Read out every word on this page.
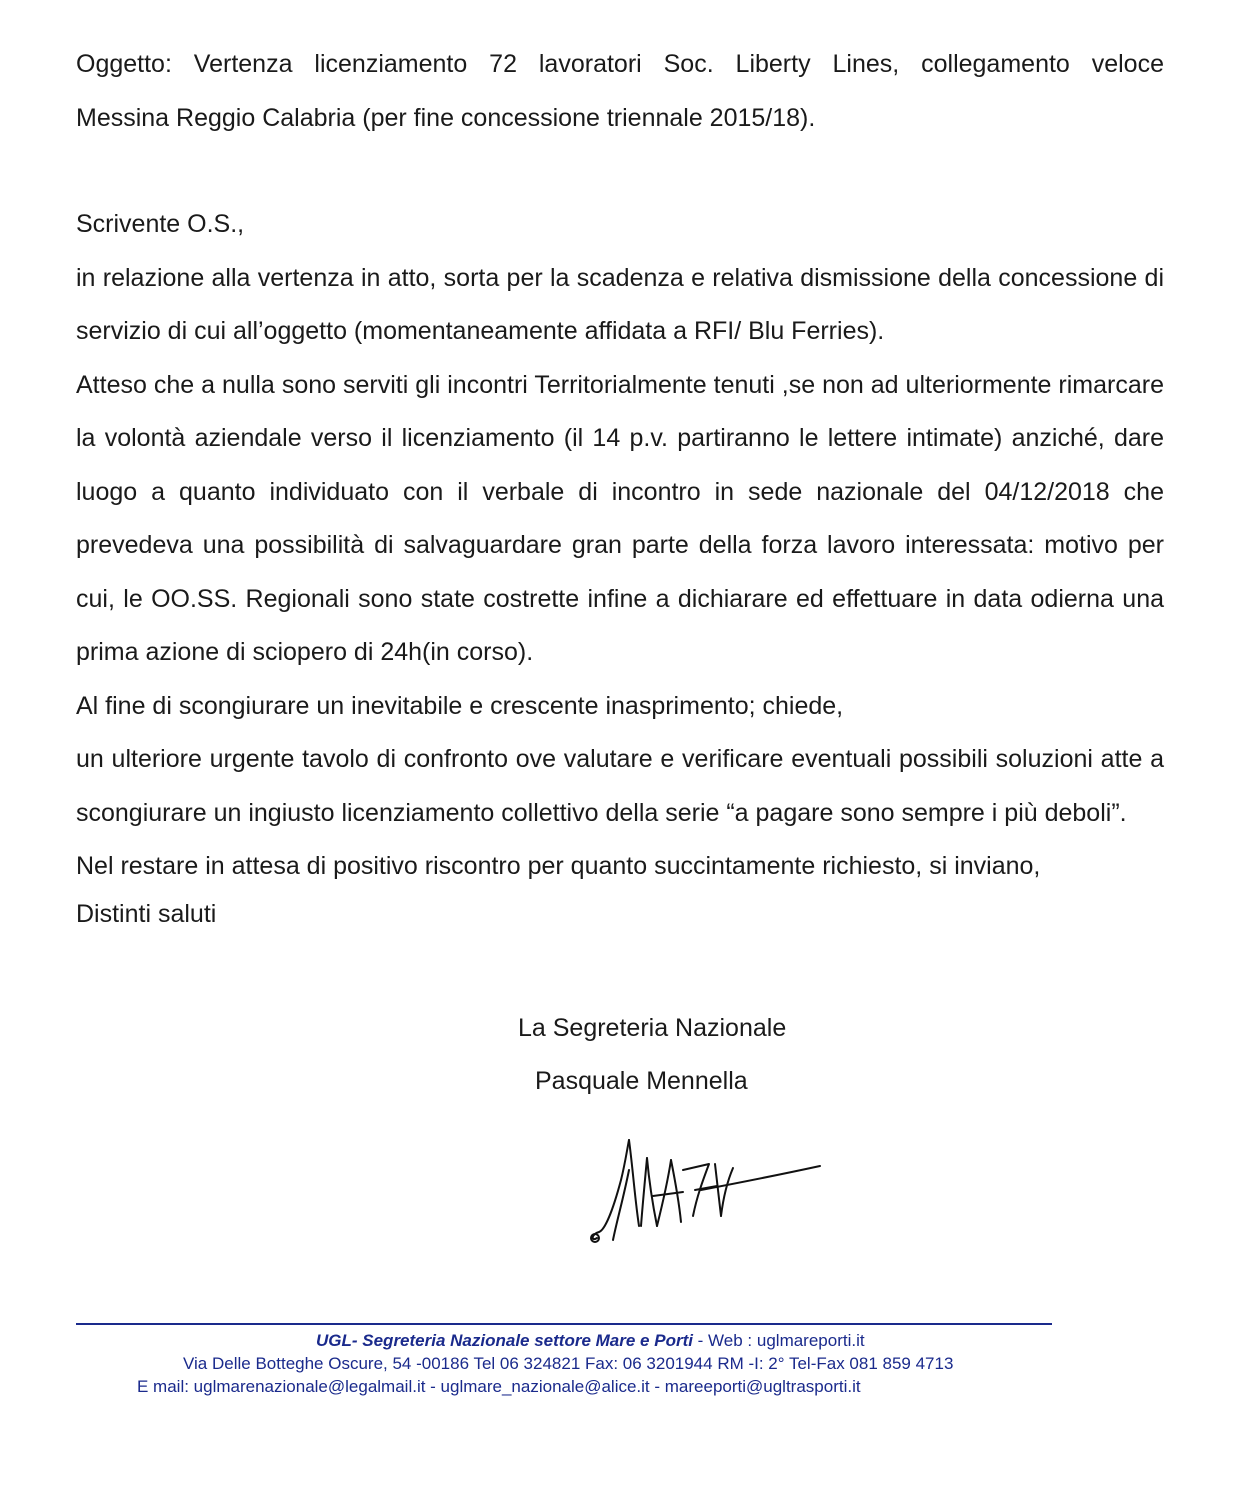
Oggetto: Vertenza licenziamento 72 lavoratori Soc. Liberty Lines, collegamento veloce

Messina Reggio Calabria (per fine concessione triennale 2015/18).

Scrivente O.S.,

in relazione alla vertenza in atto, sorta per la scadenza e relativa dismissione della concessione di servizio di cui all’oggetto (momentaneamente affidata a RFI/ Blu Ferries).

Atteso che a nulla sono serviti gli incontri Territorialmente tenuti ,se non ad ulteriormente rimarcare la volontà aziendale verso il licenziamento (il 14 p.v. partiranno le lettere intimate) anziché, dare luogo a quanto individuato con il verbale di incontro in sede nazionale del 04/12/2018 che prevedeva una possibilità di salvaguardare gran parte della forza lavoro interessata: motivo per cui, le OO.SS. Regionali sono state costrette infine a dichiarare ed effettuare in data odierna una prima azione di sciopero di 24h(in corso).

Al fine di scongiurare un inevitabile e crescente inasprimento; chiede,

un ulteriore urgente tavolo di confronto ove valutare e verificare eventuali possibili soluzioni atte a scongiurare un ingiusto licenziamento collettivo della serie “a pagare sono sempre i più deboli”.

Nel restare in attesa di positivo riscontro per quanto succintamente richiesto, si inviano,

Distinti saluti

La Segreteria Nazionale
Pasquale Mennella
UGL- Segreteria Nazionale settore Mare e Porti - Web : uglmareporti.it
Via Delle Botteghe Oscure, 54 -00186 Tel 06 324821 Fax: 06 3201944 RM -I: 2° Tel-Fax 081 859 4713
E mail: uglmarenazionale@legalmail.it - uglmare_nazionale@alice.it - mareeporti@ugltrasporti.it
